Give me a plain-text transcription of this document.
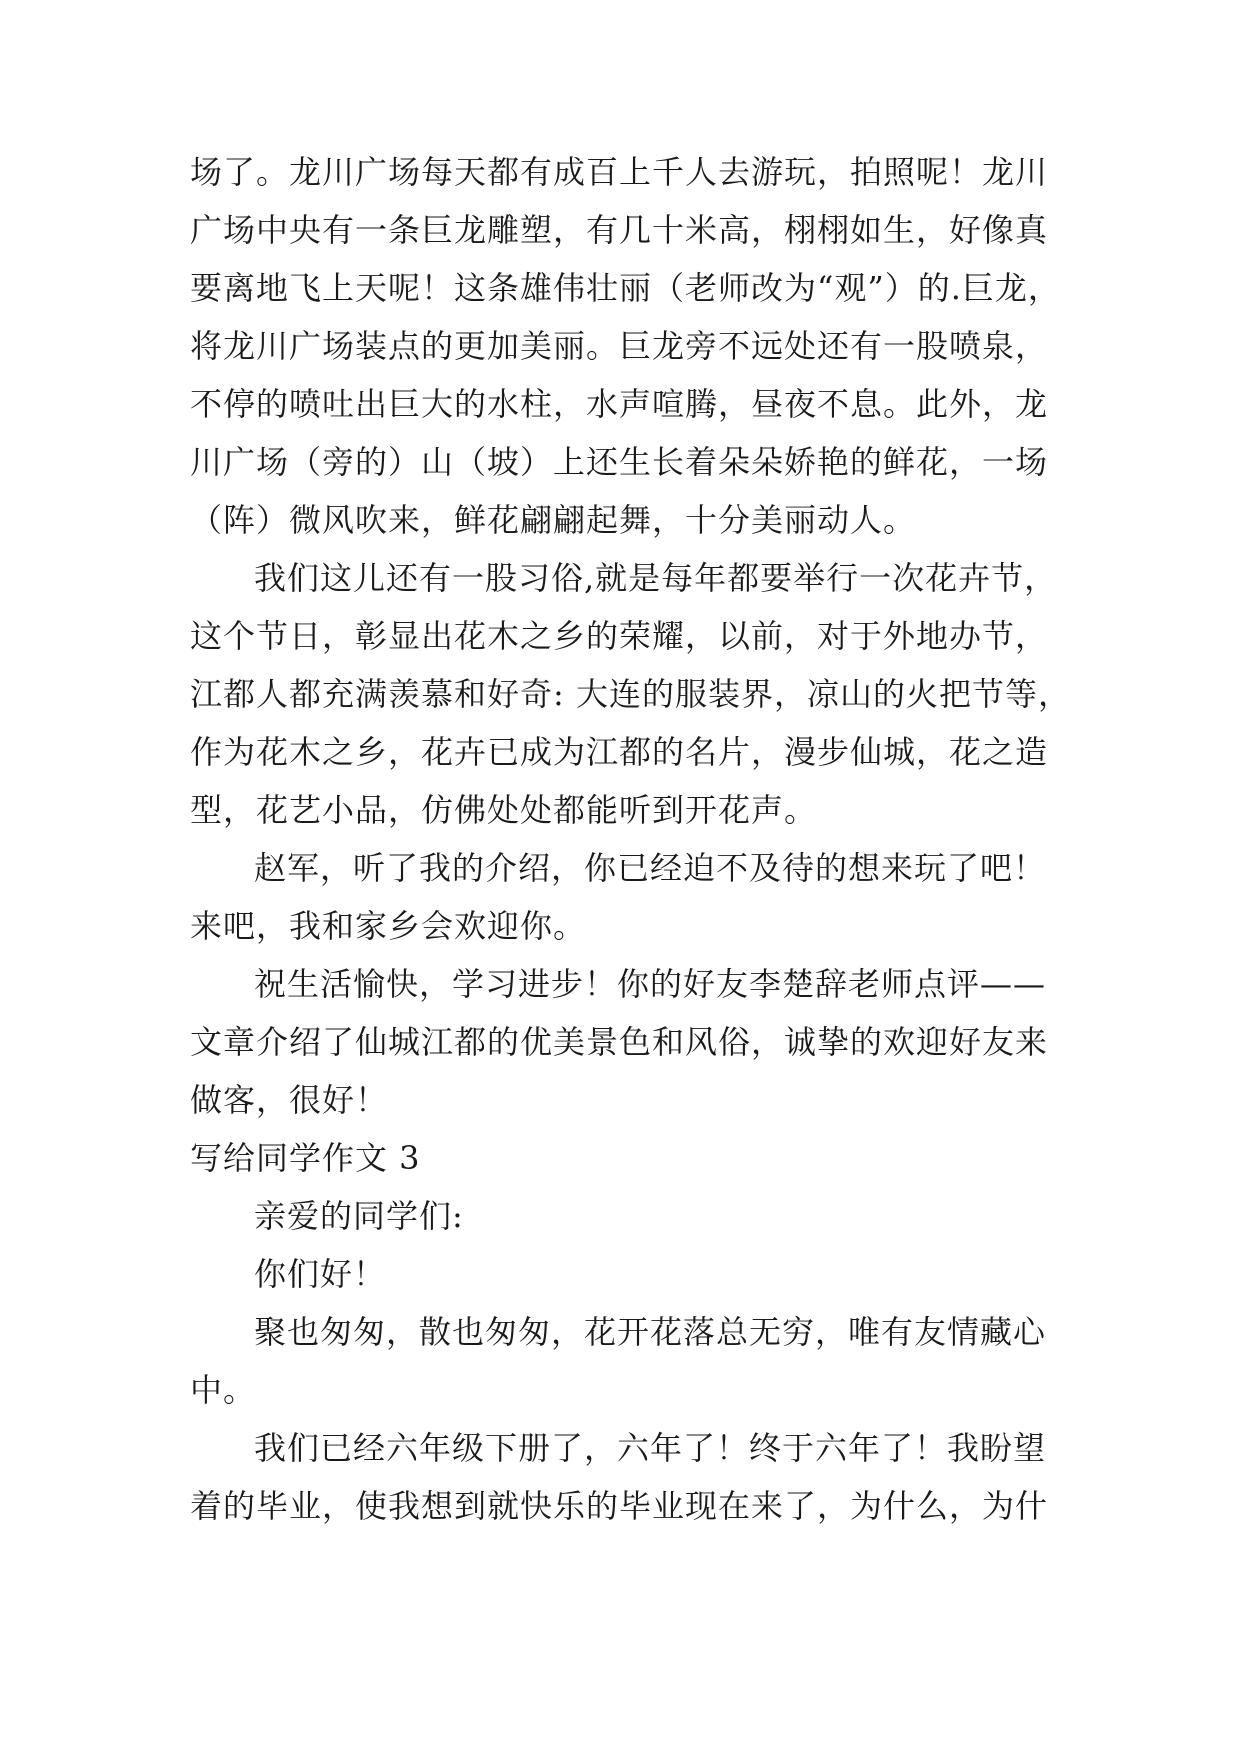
场了。龙川广场每天都有成百上千人去游玩，拍照呢！龙川
广场中央有一条巨龙雕塑，有几十米高，栩栩如生，好像真
要离地飞上天呢！这条雄伟壮丽（老师改为“观”）的.巨龙，
将龙川广场装点的更加美丽。巨龙旁不远处还有一股喷泉，
不停的喷吐出巨大的水柱，水声喧腾，昼夜不息。此外，龙
川广场（旁的）山（坡）上还生长着朵朵娇艳的鲜花，一场
（阵）微风吹来，鲜花翩翩起舞，十分美丽动人。
我们这儿还有一股习俗,就是每年都要举行一次花卉节，
这个节日，彰显出花木之乡的荣耀，以前，对于外地办节，
江都人都充满羡慕和好奇: 大连的服装界，凉山的火把节等，
作为花木之乡，花卉已成为江都的名片，漫步仙城，花之造
型，花艺小品，仿佛处处都能听到开花声。
赵军，听了我的介绍，你已经迫不及待的想来玩了吧！
来吧，我和家乡会欢迎你。
祝生活愉快，学习进步！你的好友李楚辞老师点评——
文章介绍了仙城江都的优美景色和风俗，诚挚的欢迎好友来
做客，很好！
写给同学作文 3
亲爱的同学们:
你们好！
聚也匆匆，散也匆匆，花开花落总无穷，唯有友情藏心
中。
我们已经六年级下册了，六年了！终于六年了！我盼望
着的毕业，使我想到就快乐的毕业现在来了，为什么，为什
